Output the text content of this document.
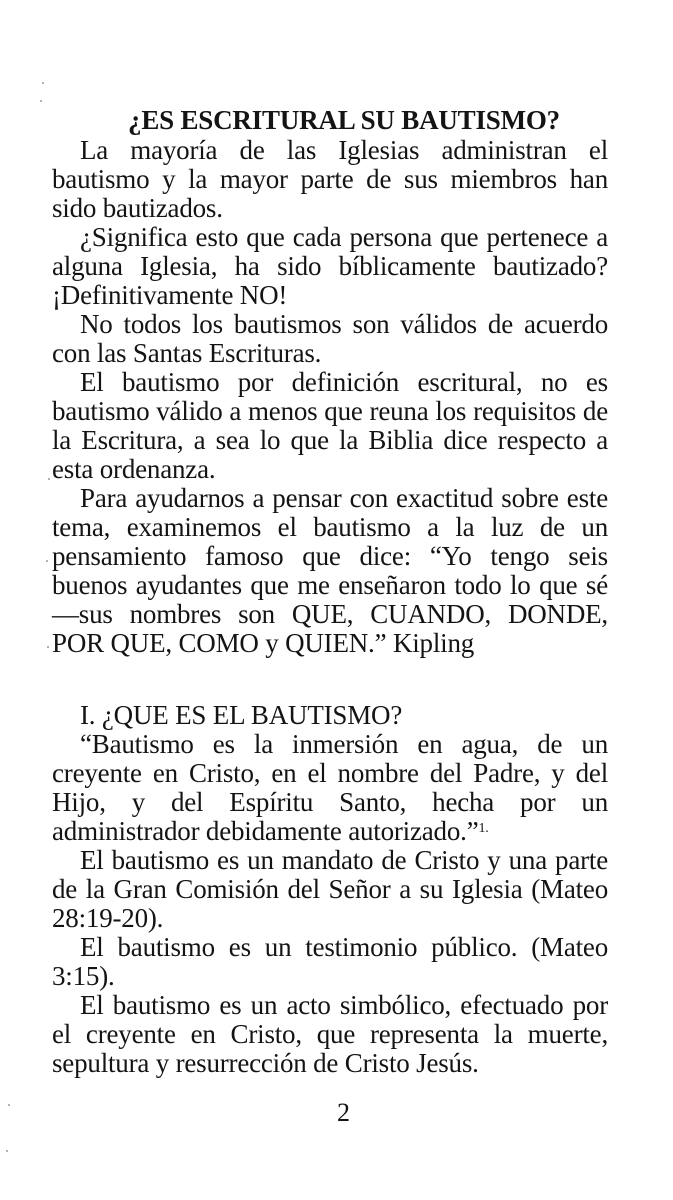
¿ES ESCRITURAL SU BAUTISMO?

La mayoría de las Iglesias administran el bautismo y la mayor parte de sus miembros han sido bautizados.

¿Significa esto que cada persona que pertenece a alguna Iglesia, ha sido bíblicamente bautizado? ¡Definitivamente NO!

No todos los bautismos son válidos de acuerdo con las Santas Escrituras.

El bautismo por definición escritural, no es bautismo válido a menos que reuna los requisitos de la Escritura, a sea lo que la Biblia dice respecto a esta ordenanza.

Para ayudarnos a pensar con exactitud sobre este tema, examinemos el bautismo a la luz de un pensamiento famoso que dice: “Yo tengo seis buenos ayudantes que me enseñaron todo lo que sé—sus nombres son QUE, CUANDO, DONDE, POR QUE, COMO y QUIEN.” Kipling

I. ¿QUE ES EL BAUTISMO?

“Bautismo es la inmersión en agua, de un creyente en Cristo, en el nombre del Padre, y del Hijo, y del Espíritu Santo, hecha por un administrador debidamente autorizado.”$^{1.}$

El bautismo es un mandato de Cristo y una parte de la Gran Comisión del Señor a su Iglesia (Mateo 28:19-20).

El bautismo es un testimonio público. (Mateo 3:15).

El bautismo es un acto simbólico, efectuado por el creyente en Cristo, que representa la muerte, sepultura y resurrección de Cristo Jesús.

2
